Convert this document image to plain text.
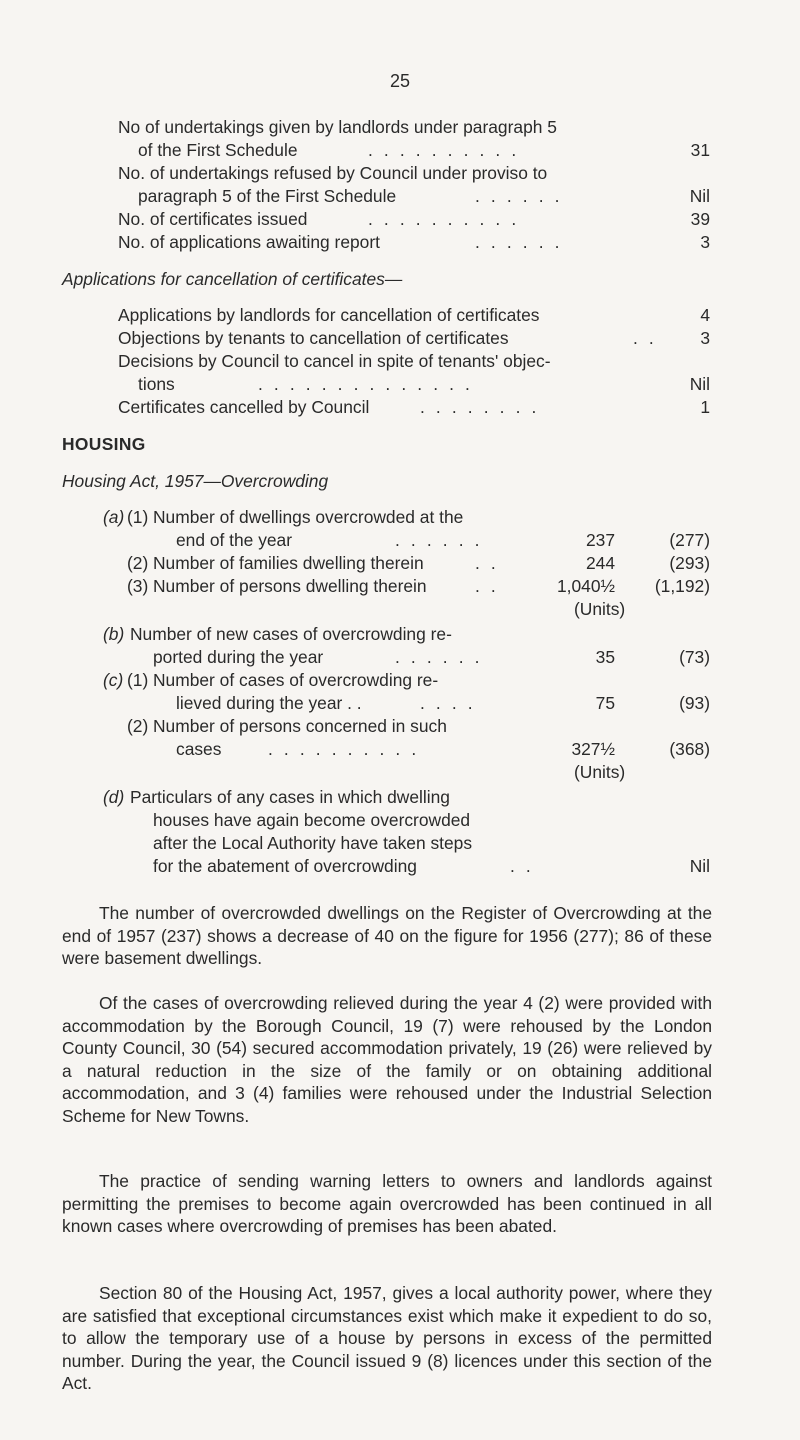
25
No of undertakings given by landlords under paragraph 5
of the First Schedule	. . . . . . . . . .	31
No. of undertakings refused by Council under proviso to
paragraph 5 of the First Schedule	. . . . . .	Nil
No. of certificates issued	. . . . . . . . . .	39
No. of applications awaiting report	. . . . . .	3
Applications for cancellation of certificates—
Applications by landlords for cancellation of certificates	4
Objections by tenants to cancellation of certificates	. . 3
Decisions by Council to cancel in spite of tenants' objec-
tions	. . . . . . . . . . . . . .	Nil
Certificates cancelled by Council	. . . . . . . .	1
HOUSING
Housing Act, 1957—Overcrowding
(a) (1) Number of dwellings overcrowded at the
end of the year	. . . . . .	237	(277)
(2) Number of families dwelling therein	. .	244	(293)
(3) Number of persons dwelling therein	. .	1,040½ (1,192)
(Units)
(b) Number of new cases of overcrowding re-
ported during the year	. . . . . .	35	(73)
(c) (1) Number of cases of overcrowding re-
lieved during the year . .	. . . .	75	(93)
(2) Number of persons concerned in such
cases	. . . . . . . . . .	327½	(368)
(Units)
(d) Particulars of any cases in which dwelling
houses have again become overcrowded
after the Local Authority have taken steps
for the abatement of overcrowding	. .	Nil

The number of overcrowded dwellings on the Register of Overcrowding at the end of 1957 (237) shows a decrease of 40 on the figure for 1956 (277); 86 of these were basement dwellings.

Of the cases of overcrowding relieved during the year 4 (2) were provided with accommodation by the Borough Council, 19 (7) were rehoused by the London County Council, 30 (54) secured accommodation privately, 19 (26) were relieved by a natural reduction in the size of the family or on obtaining additional accommodation, and 3 (4) families were rehoused under the Industrial Selection Scheme for New Towns.

The practice of sending warning letters to owners and landlords against permitting the premises to become again overcrowded has been continued in all known cases where overcrowding of premises has been abated.

Section 80 of the Housing Act, 1957, gives a local authority power, where they are satisfied that exceptional circumstances exist which make it expedient to do so, to allow the temporary use of a house by persons in excess of the permitted number. During the year, the Council issued 9 (8) licences under this section of the Act.
